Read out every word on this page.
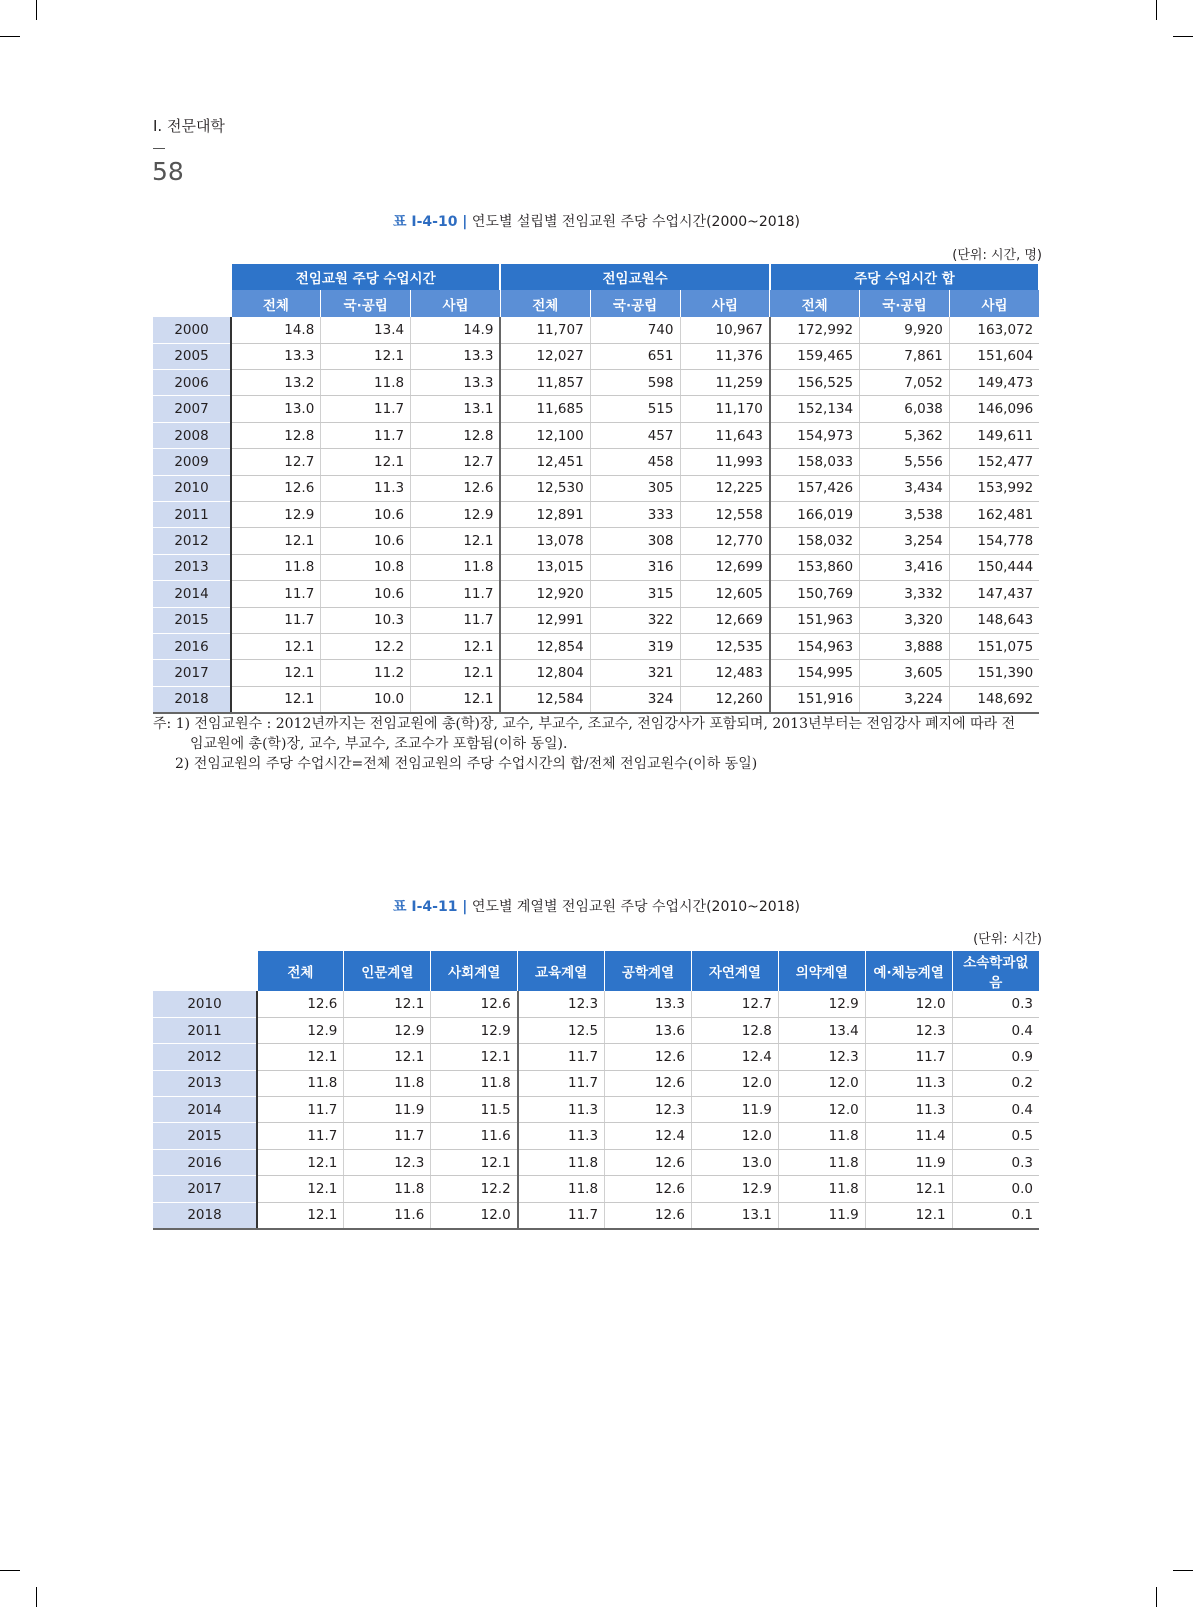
Ⅰ. 전문대학
58
표 Ⅰ-4-10 | 연도별 설립별 전임교원 주당 수업시간(2000~2018)
(단위: 시간, 명)
	전임교원 주당 수업시간			전임교원수			주당 수업시간 합		
	전체	국·공립	사립	전체	국·공립	사립	전체	국·공립	사립
2000	14.8	13.4	14.9	11,707	740	10,967	172,992	9,920	163,072
2005	13.3	12.1	13.3	12,027	651	11,376	159,465	7,861	151,604
2006	13.2	11.8	13.3	11,857	598	11,259	156,525	7,052	149,473
2007	13.0	11.7	13.1	11,685	515	11,170	152,134	6,038	146,096
2008	12.8	11.7	12.8	12,100	457	11,643	154,973	5,362	149,611
2009	12.7	12.1	12.7	12,451	458	11,993	158,033	5,556	152,477
2010	12.6	11.3	12.6	12,530	305	12,225	157,426	3,434	153,992
2011	12.9	10.6	12.9	12,891	333	12,558	166,019	3,538	162,481
2012	12.1	10.6	12.1	13,078	308	12,770	158,032	3,254	154,778
2013	11.8	10.8	11.8	13,015	316	12,699	153,860	3,416	150,444
2014	11.7	10.6	11.7	12,920	315	12,605	150,769	3,332	147,437
2015	11.7	10.3	11.7	12,991	322	12,669	151,963	3,320	148,643
2016	12.1	12.2	12.1	12,854	319	12,535	154,963	3,888	151,075
2017	12.1	11.2	12.1	12,804	321	12,483	154,995	3,605	151,390
2018	12.1	10.0	12.1	12,584	324	12,260	151,916	3,224	148,692
주: 1) 전임교원수 : 2012년까지는 전임교원에 총(학)장, 교수, 부교수, 조교수, 전임강사가 포함되며, 2013년부터는 전임강사 폐지에 따라 전
임교원에 총(학)장, 교수, 부교수, 조교수가 포함됨(이하 동일).
2) 전임교원의 주당 수업시간=전체 전임교원의 주당 수업시간의 합/전체 전임교원수(이하 동일)
표 Ⅰ-4-11 | 연도별 계열별 전임교원 주당 수업시간(2010~2018)
(단위: 시간)
	전체	인문계열	사회계열	교육계열	공학계열	자연계열	의약계열	예·체능계열	소속학과없음
2010	12.6	12.1	12.6	12.3	13.3	12.7	12.9	12.0	0.3
2011	12.9	12.9	12.9	12.5	13.6	12.8	13.4	12.3	0.4
2012	12.1	12.1	12.1	11.7	12.6	12.4	12.3	11.7	0.9
2013	11.8	11.8	11.8	11.7	12.6	12.0	12.0	11.3	0.2
2014	11.7	11.9	11.5	11.3	12.3	11.9	12.0	11.3	0.4
2015	11.7	11.7	11.6	11.3	12.4	12.0	11.8	11.4	0.5
2016	12.1	12.3	12.1	11.8	12.6	13.0	11.8	11.9	0.3
2017	12.1	11.8	12.2	11.8	12.6	12.9	11.8	12.1	0.0
2018	12.1	11.6	12.0	11.7	12.6	13.1	11.9	12.1	0.1
